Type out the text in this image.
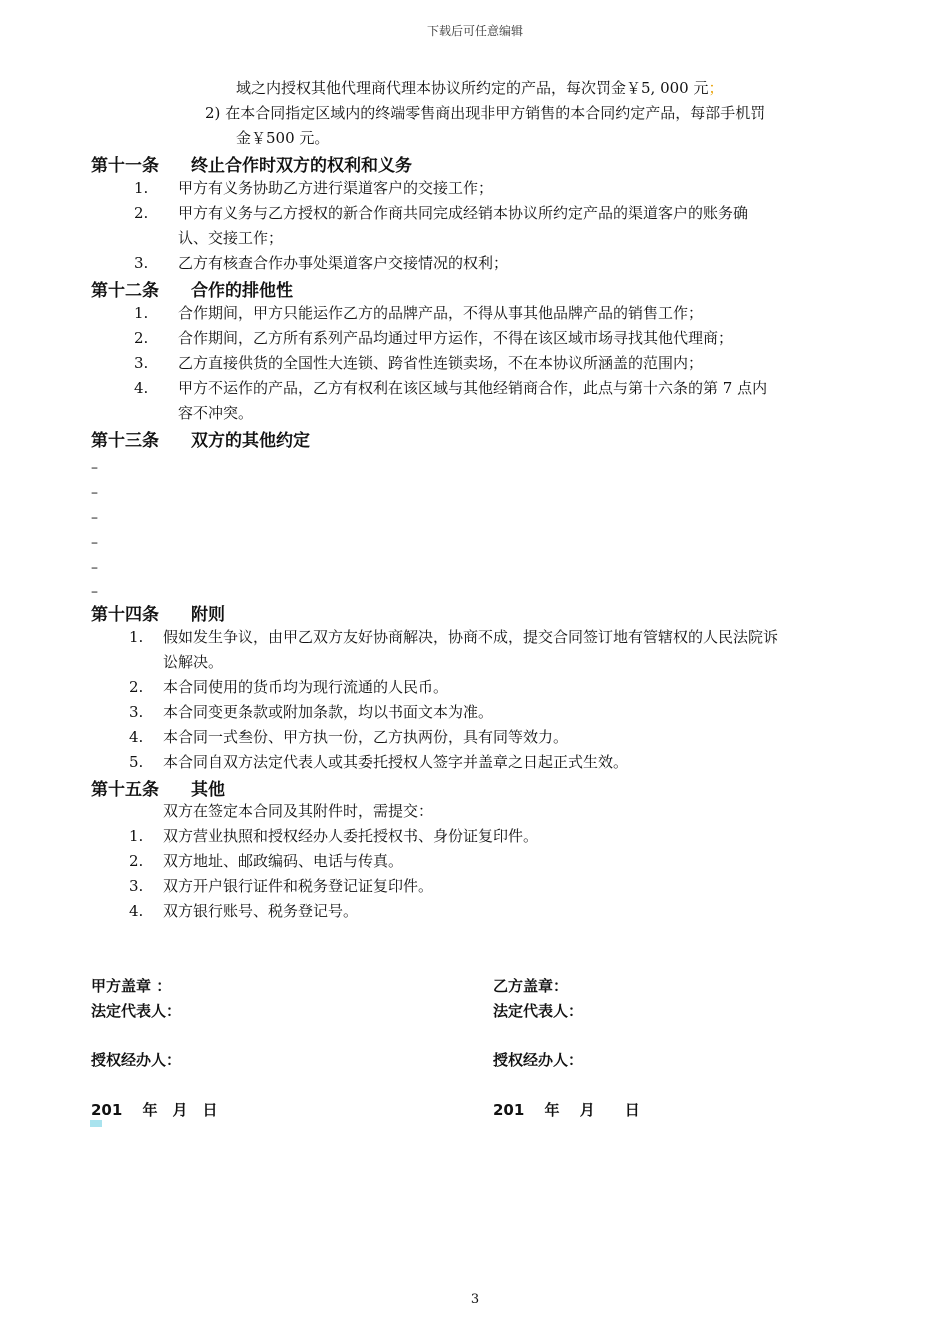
下载后可任意编辑
域之内授权其他代理商代理本协议所约定的产品，每次罚金￥5, 000 元；
2) 在本合同指定区域内的终端零售商出现非甲方销售的本合同约定产品，每部手机罚
金￥500 元。
第十一条 终止合作时双方的权利和义务
1. 甲方有义务协助乙方进行渠道客户的交接工作；
2. 甲方有义务与乙方授权的新合作商共同完成经销本协议所约定产品的渠道客户的账务确
认、交接工作；
3. 乙方有核查合作办事处渠道客户交接情况的权利；
第十二条 合作的排他性
1. 合作期间，甲方只能运作乙方的品牌产品，不得从事其他品牌产品的销售工作；
2. 合作期间，乙方所有系列产品均通过甲方运作，不得在该区域市场寻找其他代理商；
3. 乙方直接供货的全国性大连锁、跨省性连锁卖场，不在本协议所涵盖的范围内；
4. 甲方不运作的产品，乙方有权利在该区域与其他经销商合作，此点与第十六条的第 7 点内
容不冲突。
第十三条 双方的其他约定
–
–
–
–
–
–
第十四条 附则
1. 假如发生争议，由甲乙双方友好协商解决，协商不成，提交合同签订地有管辖权的人民法院诉
讼解决。
2. 本合同使用的货币均为现行流通的人民币。
3. 本合同变更条款或附加条款，均以书面文本为准。
4. 本合同一式叁份、甲方执一份，乙方执两份，具有同等效力。
5. 本合同自双方法定代表人或其委托授权人签字并盖章之日起正式生效。
第十五条 其他
双方在签定本合同及其附件时，需提交：
1. 双方营业执照和授权经办人委托授权书、身份证复印件。
2. 双方地址、邮政编码、电话与传真。
3. 双方开户银行证件和税务登记证复印件。
4. 双方银行账号、税务登记号。
甲方盖章 ：
法定代表人：
授权经办人：
201　 年　月　日
乙方盖章：
法定代表人：
授权经办人：
201　 年　 月　　日
3
